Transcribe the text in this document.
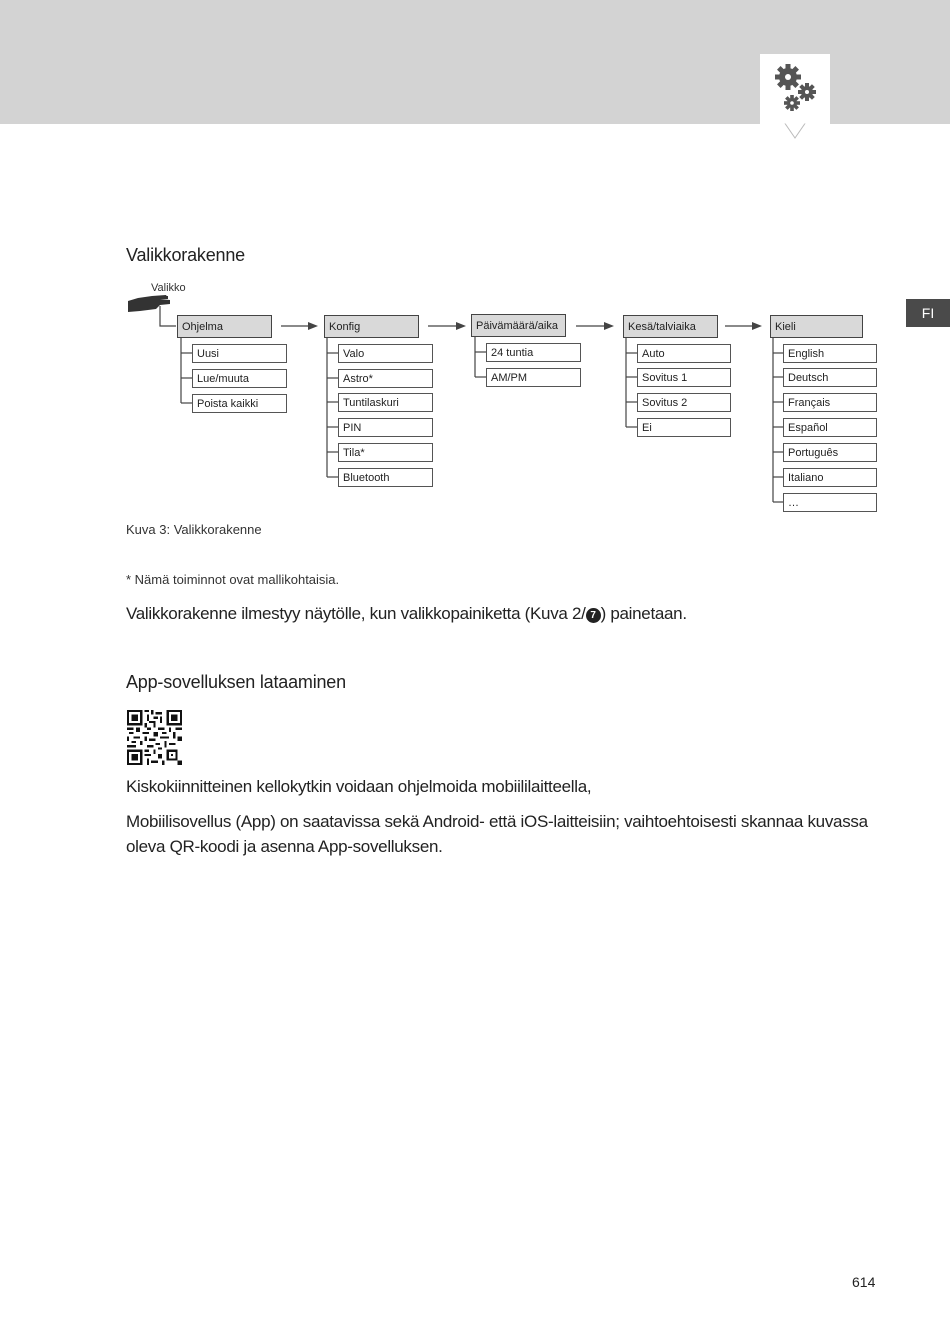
FI
Valikkorakenne
Valikko
Ohjelma
Uusi
Lue/muuta
Poista kaikki
Konfig
Valo
Astro*
Tuntilaskuri
PIN
Tila*
Bluetooth
Päivämäärä/aika
24 tuntia
AM/PM
Kesä/talviaika
Auto
Sovitus 1
Sovitus 2
Ei
Kieli
English
Deutsch
Français
Español
Português
Italiano
…
Kuva 3: Valikkorakenne
* Nämä toiminnot ovat mallikohtaisia.
Valikkorakenne ilmestyy näytölle, kun valikkopainiketta (Kuva 2/ 7 ) painetaan.
App-sovelluksen lataaminen
Kiskokiinnitteinen kellokytkin voidaan ohjelmoida mobiililaitteella,
Mobiilisovellus (App) on saatavissa sekä Android- että iOS-laitteisiin; vaihtoehtoisesti skannaa kuvassa
oleva QR-koodi ja asenna App-sovelluksen.
614
